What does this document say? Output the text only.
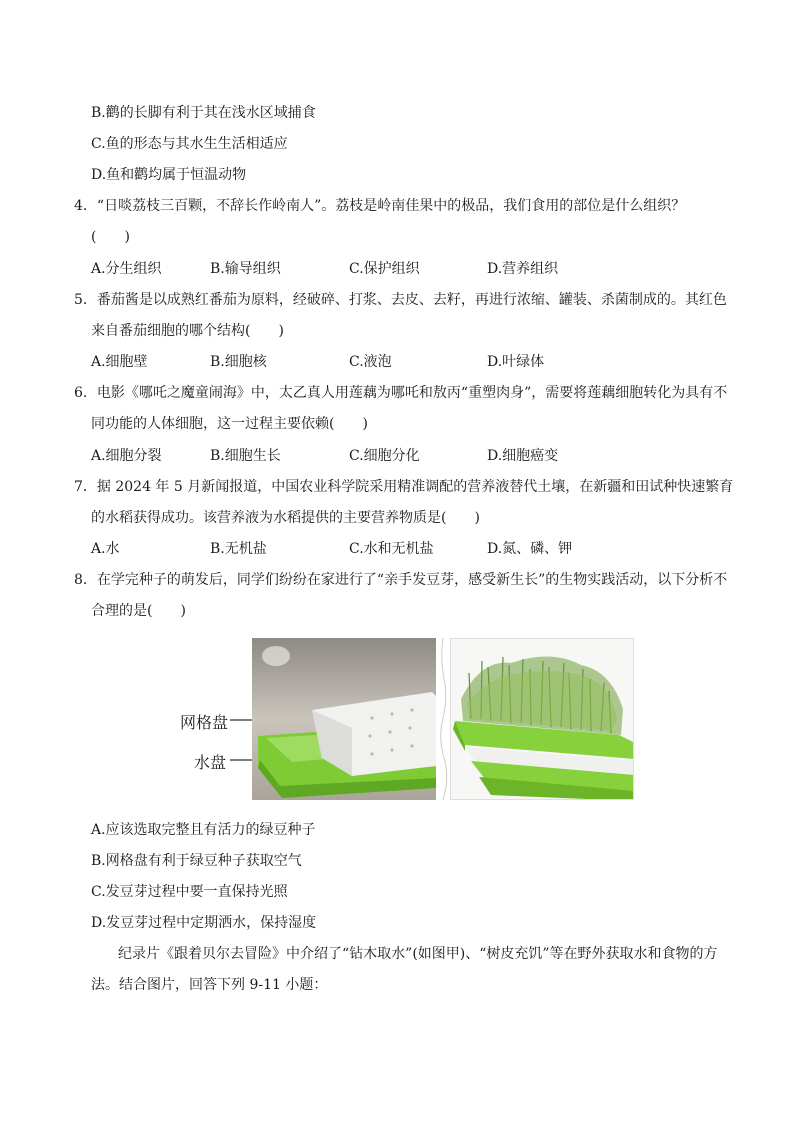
B.鹳的长脚有利于其在浅水区域捕食
C.鱼的形态与其水生生活相适应
D.鱼和鹳均属于恒温动物
4．“日啖荔枝三百颗，不辞长作岭南人”。荔枝是岭南佳果中的极品，我们食用的部位是什么组织？
(　　)
A.分生组织	B.输导组织	C.保护组织	D.营养组织
5．番茄酱是以成熟红番茄为原料，经破碎、打浆、去皮、去籽，再进行浓缩、罐装、杀菌制成的。其红色
来自番茄细胞的哪个结构(　　)
A.细胞壁	B.细胞核	C.液泡	D.叶绿体
6．电影《哪吒之魔童闹海》中，太乙真人用莲藕为哪吒和敖丙“重塑肉身”，需要将莲藕细胞转化为具有不
同功能的人体细胞，这一过程主要依赖(　　)
A.细胞分裂	B.细胞生长	C.细胞分化	D.细胞癌变
7．据 2024 年 5 月新闻报道，中国农业科学院采用精准调配的营养液替代土壤，在新疆和田试种快速繁育
的水稻获得成功。该营养液为水稻提供的主要营养物质是(　　)
A.水	B.无机盐	C.水和无机盐	D.氮、磷、钾
8．在学完种子的萌发后，同学们纷纷在家进行了“亲手发豆芽，感受新生长”的生物实践活动，以下分析不
合理的是(　　)
网格盘
水盘
A.应该选取完整且有活力的绿豆种子
B.网格盘有利于绿豆种子获取空气
C.发豆芽过程中要一直保持光照
D.发豆芽过程中定期洒水，保持湿度
纪录片《跟着贝尔去冒险》中介绍了“钻木取水”(如图甲)、“树皮充饥”等在野外获取水和食物的方
法。结合图片，回答下列 9-11 小题：
